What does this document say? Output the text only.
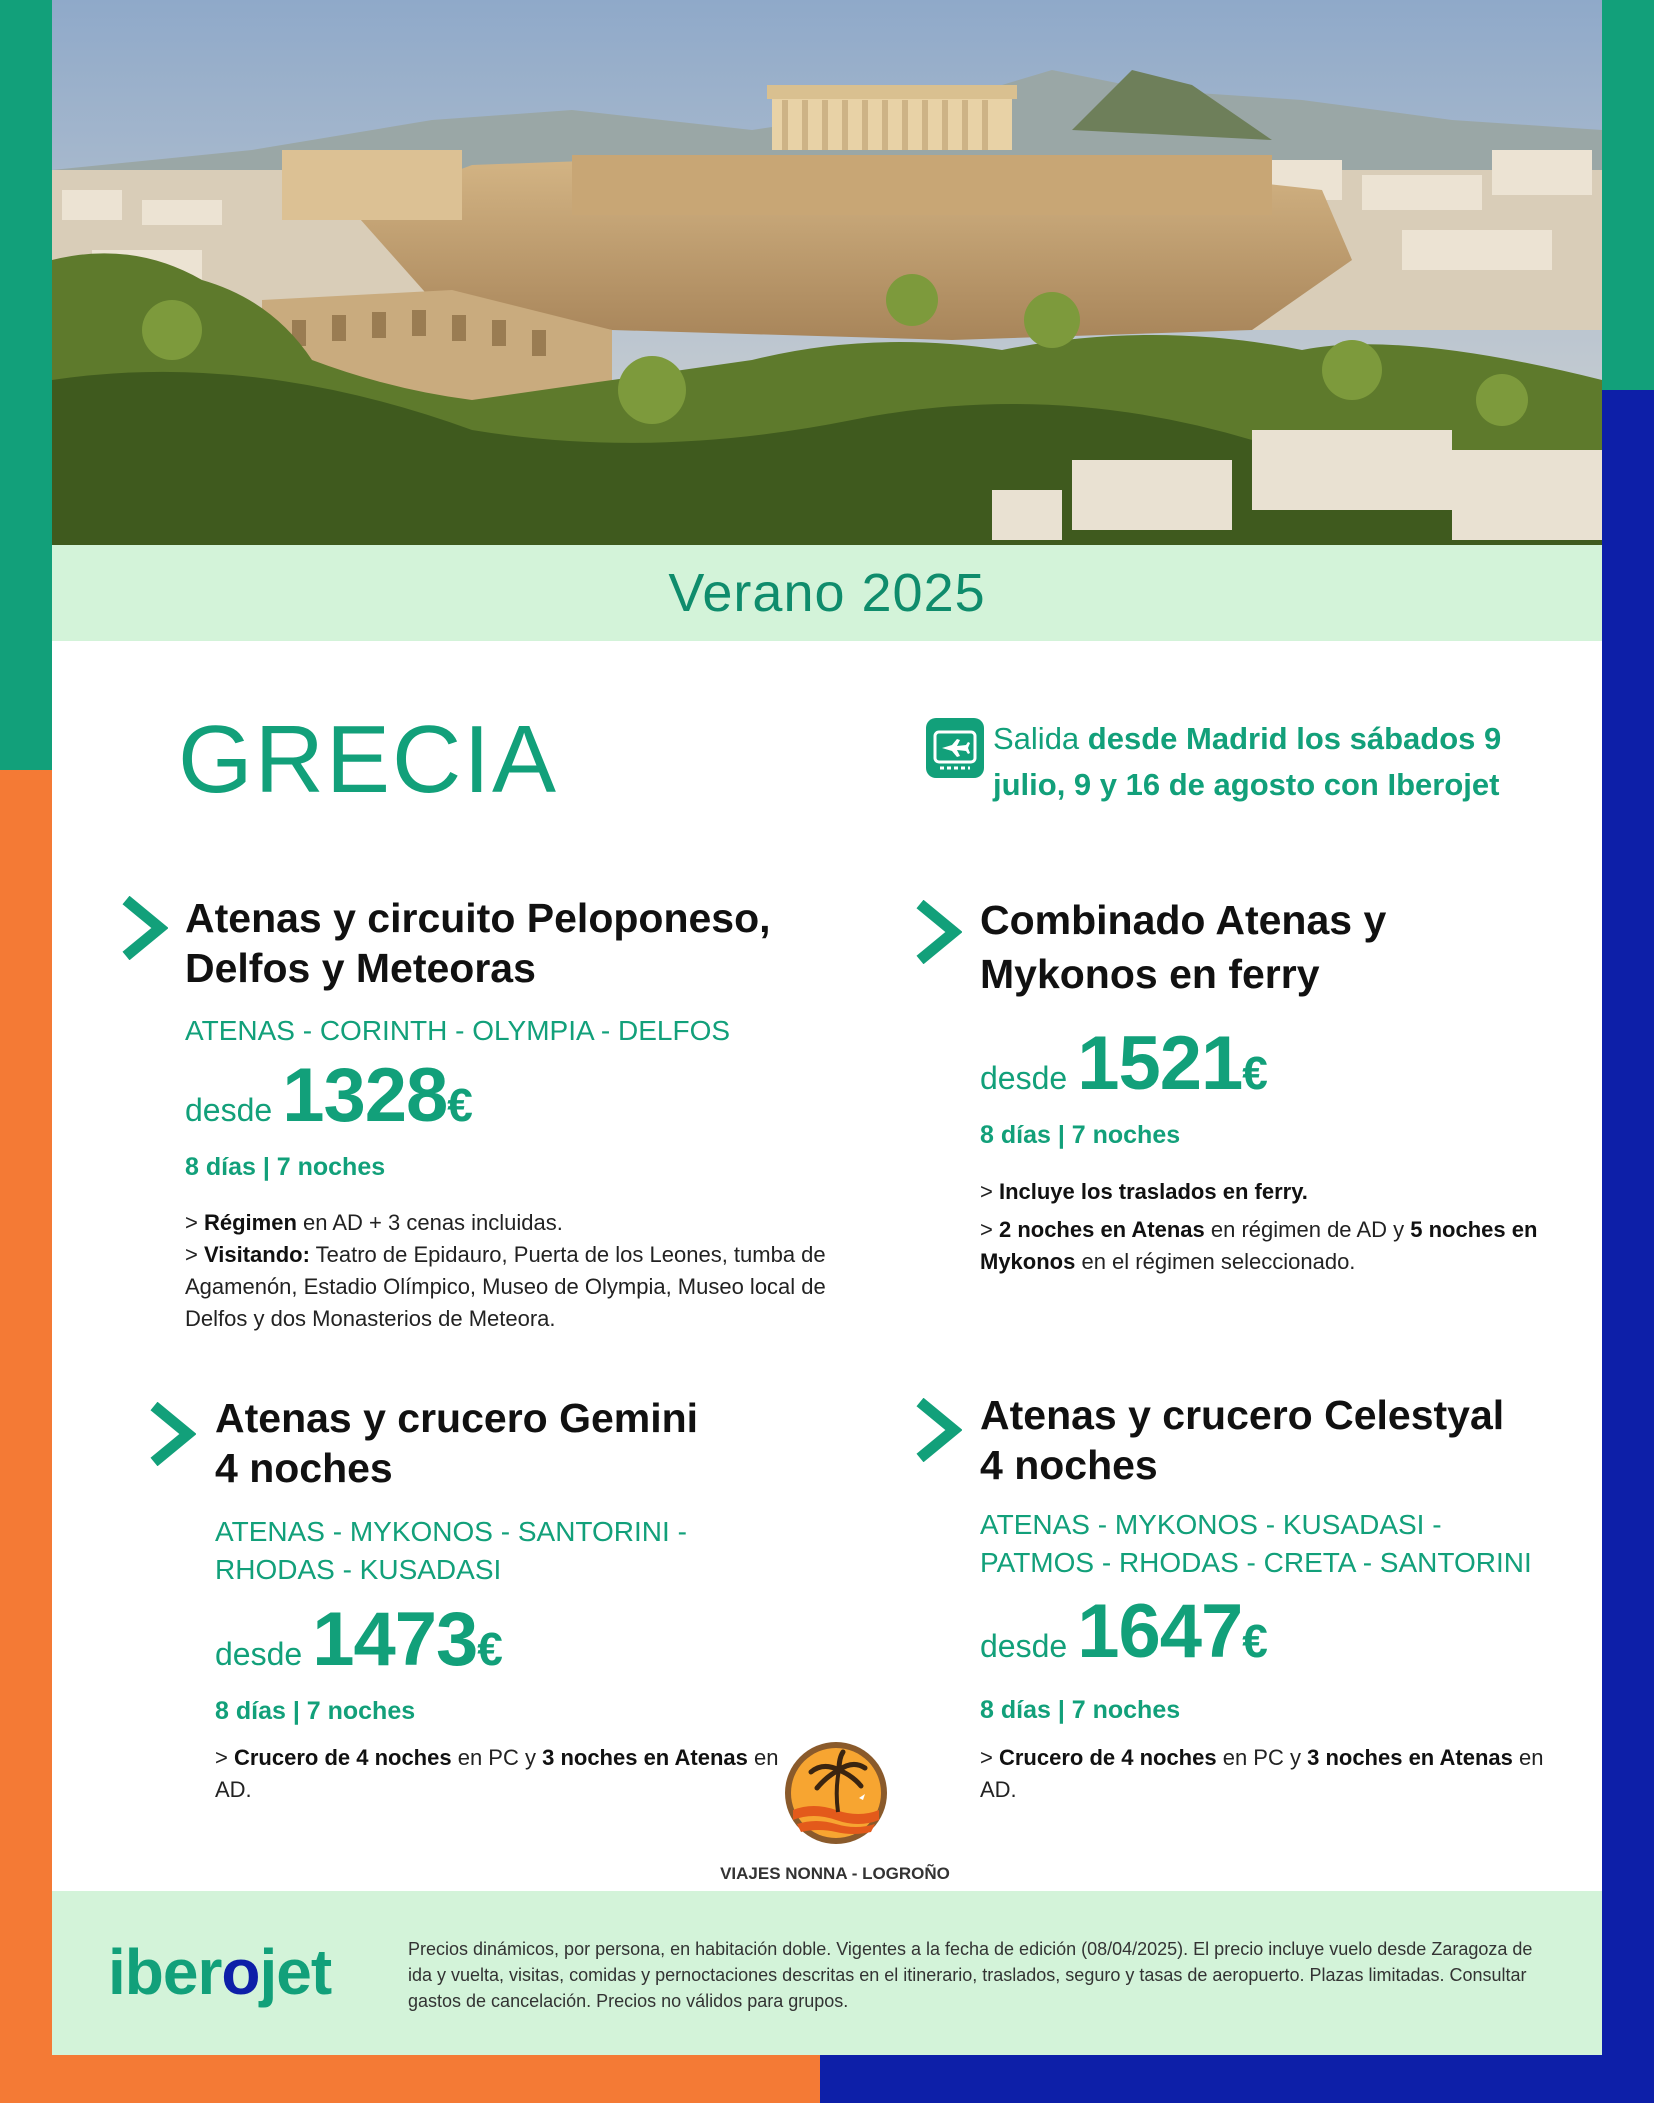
Verano 2025
GRECIA	Salida desde Madrid los sábados 9 julio, 9 y 16 de agosto con Iberojet
Atenas y circuito Peloponeso,
Delfos y Meteoras
ATENAS - CORINTH - OLYMPIA - DELFOS
desde 1328 €
8 días | 7 noches
> Régimen en AD + 3 cenas incluidas.
> Visitando: Teatro de Epidauro, Puerta de los Leones, tumba de Agamenón, Estadio Olímpico, Museo de Olympia, Museo local de Delfos y dos Monasterios de Meteora.
Combinado Atenas y
Mykonos en ferry
desde 1521 €
8 días | 7 noches
> Incluye los traslados en ferry.
> 2 noches en Atenas en régimen de AD y 5 noches en Mykonos en el régimen seleccionado.
Atenas y crucero Gemini
4 noches
ATENAS - MYKONOS - SANTORINI -
RHODAS - KUSADASI
desde 1473 €
8 días | 7 noches
> Crucero de 4 noches en PC y 3 noches en Atenas en AD.
Atenas y crucero Celestyal
4 noches
ATENAS - MYKONOS - KUSADASI -
PATMOS - RHODAS - CRETA - SANTORINI
desde 1647 €
8 días | 7 noches
> Crucero de 4 noches en PC y 3 noches en Atenas en AD.
VIAJES NONNA - LOGROÑO
iberojet	Precios dinámicos, por persona, en habitación doble. Vigentes a la fecha de edición (08/04/2025). El precio incluye vuelo desde Zaragoza de ida y vuelta, visitas, comidas y pernoctaciones descritas en el itinerario, traslados, seguro y tasas de aeropuerto. Plazas limitadas. Consultar gastos de cancelación. Precios no válidos para grupos.
